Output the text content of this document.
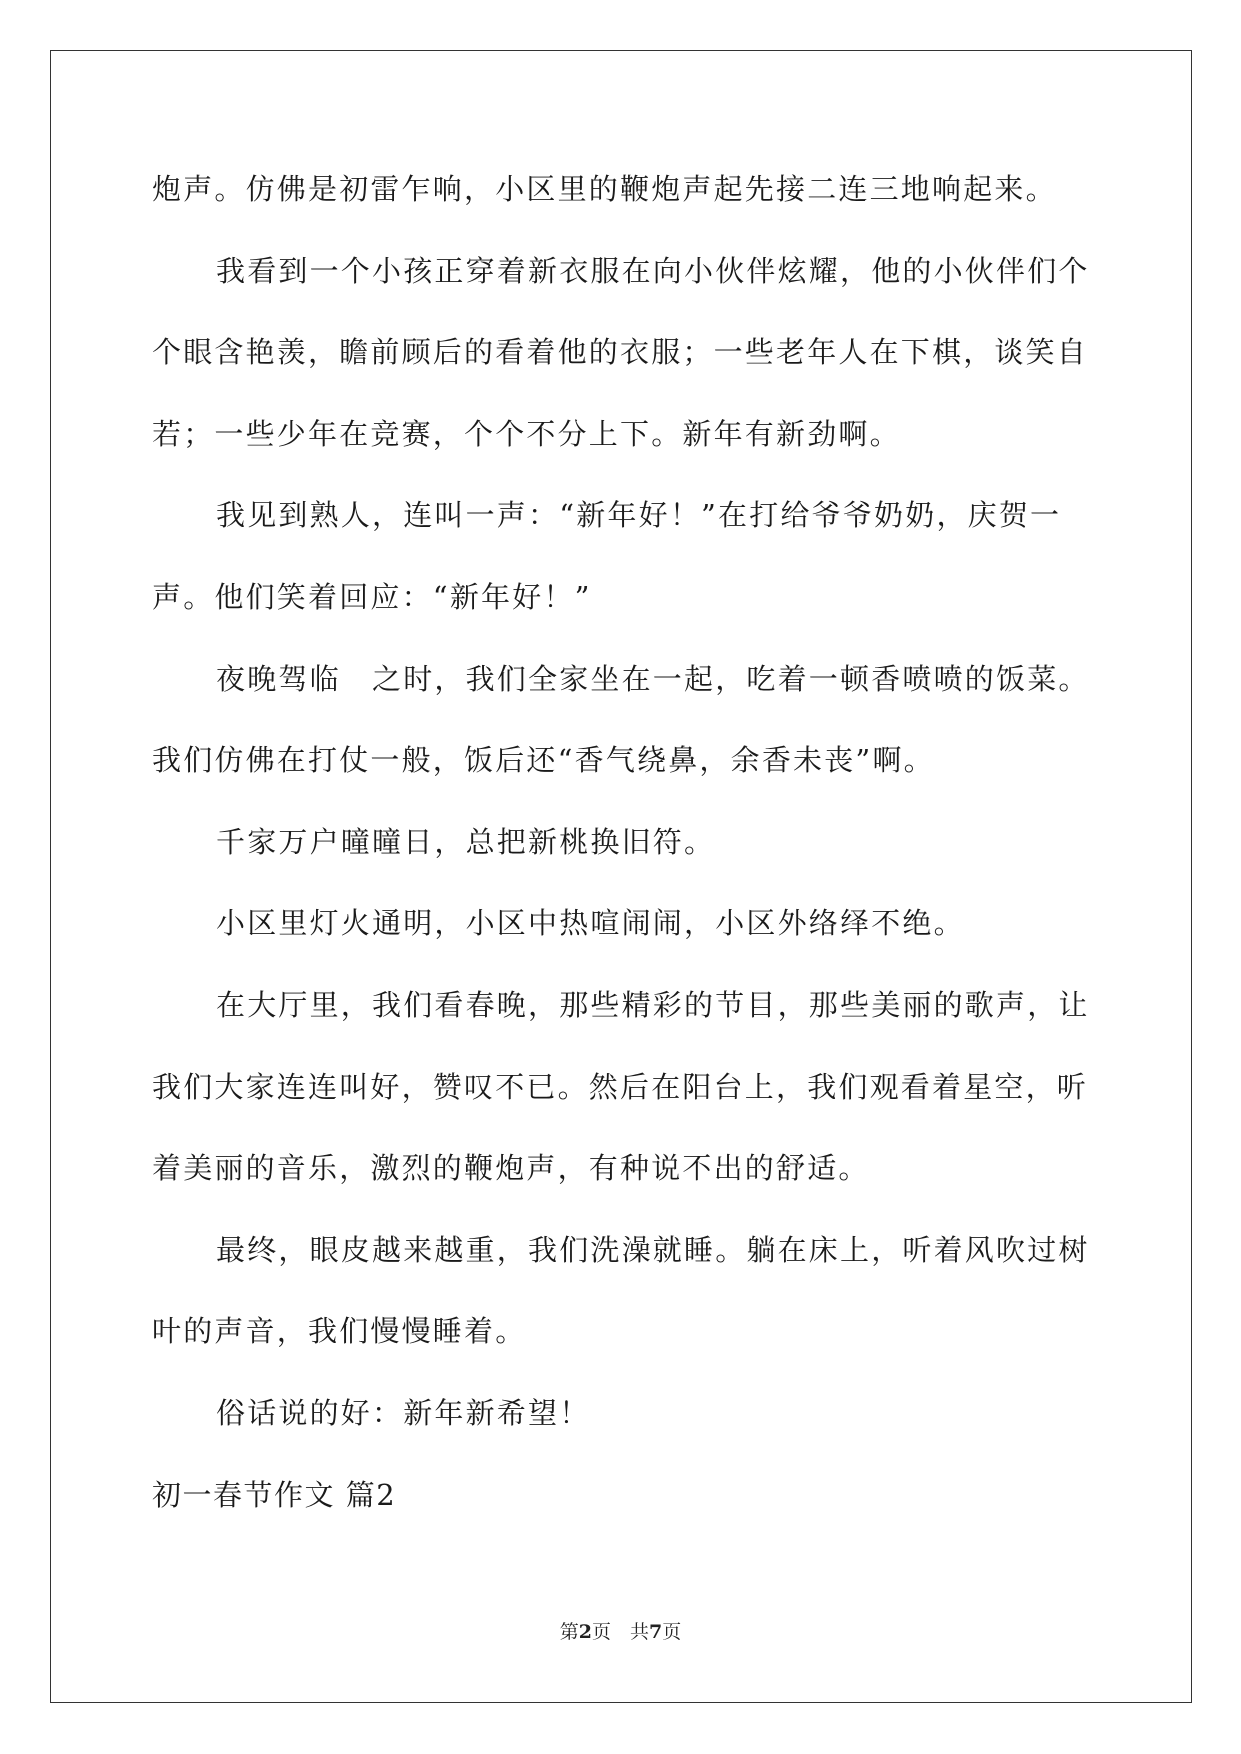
炮声。仿佛是初雷乍响，小区里的鞭炮声起先接二连三地响起来。
我看到一个小孩正穿着新衣服在向小伙伴炫耀，他的小伙伴们个
个眼含艳羡，瞻前顾后的看着他的衣服；一些老年人在下棋，谈笑自
若；一些少年在竞赛，个个不分上下。新年有新劲啊。
我见到熟人，连叫一声：“新年好！”在打给爷爷奶奶，庆贺一
声。他们笑着回应：“新年好！”
夜晚驾临　之时，我们全家坐在一起，吃着一顿香喷喷的饭菜。
我们仿佛在打仗一般，饭后还“香气绕鼻，余香未丧”啊。
千家万户曈曈日，总把新桃换旧符。
小区里灯火通明，小区中热喧闹闹，小区外络绎不绝。
在大厅里，我们看春晚，那些精彩的节目，那些美丽的歌声，让
我们大家连连叫好，赞叹不已。然后在阳台上，我们观看着星空，听
着美丽的音乐，激烈的鞭炮声，有种说不出的舒适。
最终，眼皮越来越重，我们洗澡就睡。躺在床上，听着风吹过树
叶的声音，我们慢慢睡着。
俗话说的好：新年新希望！
初一春节作文 篇2
第2页　共7页
